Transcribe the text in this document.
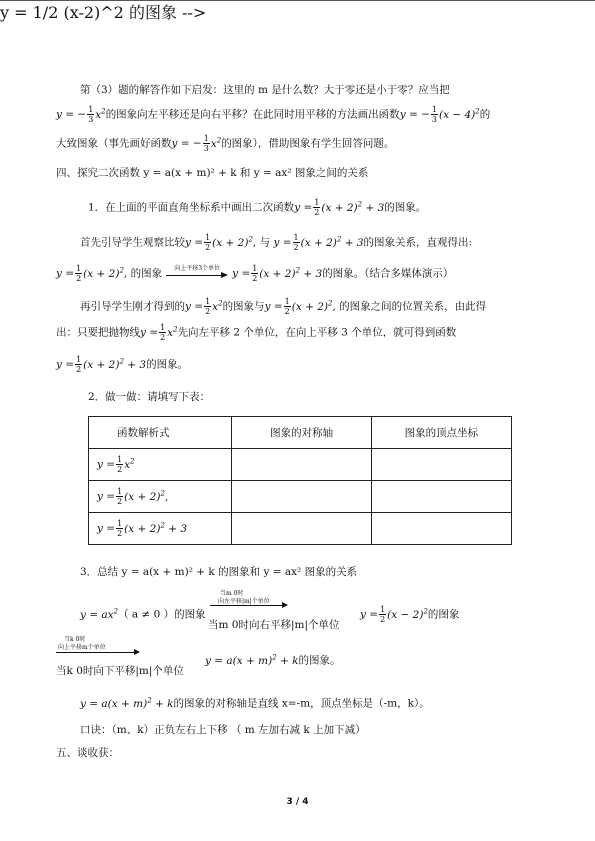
第（3）题的解答作如下启发：这里的 m 是什么数？大于零还是小于零？应当把
y = − $\frac{1}{3} x^2$的图象向左平移还是向右平移？在此同时用平移的方法画出函数y = − $\frac{1}{3} (x - 4)^2$的
大致图象（事先画好函数y = − $\frac{1}{3} x^2$的图象），借助图象有学生回答问题。
四、探究二次函数 y = a(x + m)² + k 和 y = ax² 图象之间的关系
1．在上面的平面直角坐标系中画出二次函数$y = \frac{1}{2} (x + 2)^2 + 3$的图象。
首先引导学生观察比较$y = \frac{1}{2} (x + 2)^2$, 与 $y = \frac{1}{2} (x + 2)^2 + 3$的图象关系，直观得出:
$y = \frac{1}{2} (x + 2)^2$, 的图象	向上平移3个单位	$y = \frac{1}{2} (x + 2)^2 + 3$的图象。（结合多媒体演示）
再引导学生刚才得到的$y = \frac{1}{2} x^2$的图象与$y = \frac{1}{2} (x + 2)^2$, 的图象之间的位置关系，由此得
出：只要把抛物线$y = \frac{1}{2} x^2$先向左平移 2 个单位，在向上平移 3 个单位，就可得到函数
$y = \frac{1}{2} (x + 2)^2 + 3$的图象。
2．做一做：请填写下表：
函数解析式	图象的对称轴	图象的顶点坐标
$y = \frac{1}{2} x^2$		
$y = \frac{1}{2} (x + 2)^2$,		
$y = \frac{1}{2} (x + 2)^2 + 3$		
3．总结 y = a(x + m)² + k 的图象和 y = ax² 图象的关系
y = 1/2 (x-2)^2 的图象 -->
$y = ax^2$（ a ≠ 0 ）的图象
当m 0时
向左平移|m|个单位
$y = \frac{1}{2} (x - 2)^2$的图象
当m 0时向右平移|m|个单位
当k 0时
向上平移m个单位
$y = a(x + m)^2 + k$的图象。
当k 0时向下平移|m|个单位
$y = a(x + m)^2 + k$的图象的对称轴是直线 x=-m，顶点坐标是（-m，k）。
口诀：（m、k）正负左右上下移 （ m 左加右减 k 上加下减）
五、谈收获：
3 / 4
